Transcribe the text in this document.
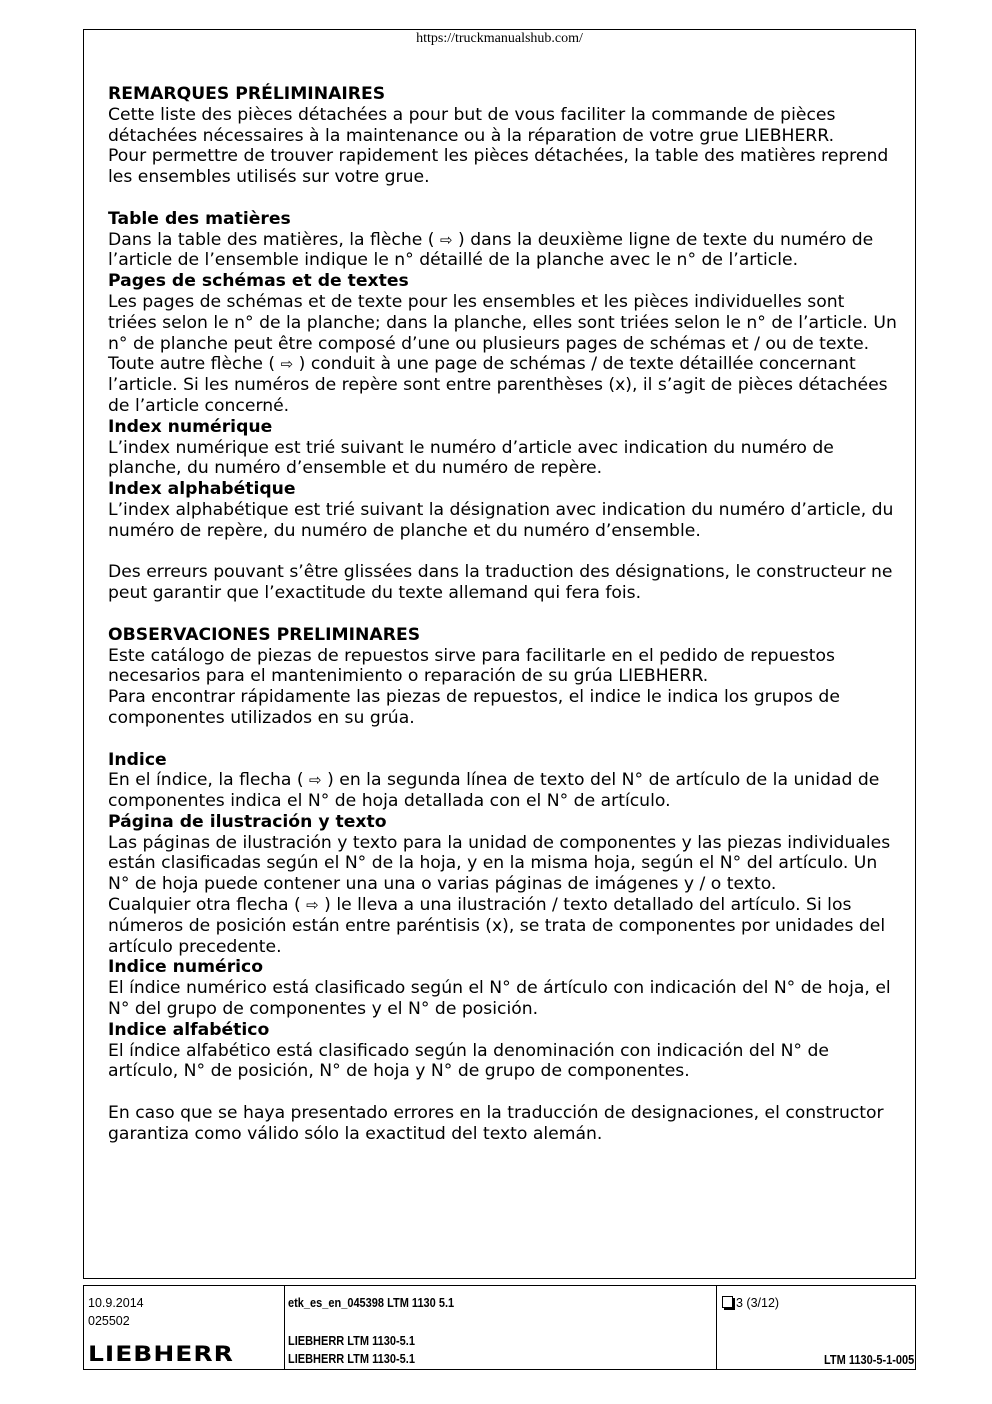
https://truckmanualshub.com/
REMARQUES PRÉLIMINAIRES

Cette liste des pièces détachées a pour but de vous faciliter la commande de pièces détachées nécessaires à la maintenance ou à la réparation de votre grue LIEBHERR.

Pour permettre de trouver rapidement les pièces détachées, la table des matières reprend les ensembles utilisés sur votre grue.

Table des matières

Dans la table des matières, la flèche ( ⇨ ) dans la deuxième ligne de texte du numéro de l’article de l’ensemble indique le n° détaillé de la planche avec le n° de l’article.

Pages de schémas et de textes

Les pages de schémas et de texte pour les ensembles et les pièces individuelles sont triées selon le n° de la planche; dans la planche, elles sont triées selon le n° de l’article. Un n° de planche peut être composé d’une ou plusieurs pages de schémas et / ou de texte.

Toute autre flèche ( ⇨ ) conduit à une page de schémas / de texte détaillée concernant l’article. Si les numéros de repère sont entre parenthèses (x), il s’agit de pièces détachées de l’article concerné.

Index numérique

L’index numérique est trié suivant le numéro d’article avec indication du numéro de planche, du numéro d’ensemble et du numéro de repère.

Index alphabétique

L’index alphabétique est trié suivant la désignation avec indication du numéro d’article, du numéro de repère, du numéro de planche et du numéro d’ensemble.

Des erreurs pouvant s’être glissées dans la traduction des désignations, le constructeur ne peut garantir que l’exactitude du texte allemand qui fera fois.

OBSERVACIONES PRELIMINARES

Este catálogo de piezas de repuestos sirve para facilitarle en el pedido de repuestos necesarios para el mantenimiento o reparación de su grúa LIEBHERR.

Para encontrar rápidamente las piezas de repuestos, el indice le indica los grupos de componentes utilizados en su grúa.

Indice

En el índice, la flecha ( ⇨ ) en la segunda línea de texto del N° de artículo de la unidad de componentes indica el N° de hoja detallada con el N° de artículo.

Página de ilustración y texto

Las páginas de ilustración y texto para la unidad de componentes y las piezas individuales están clasificadas según el N° de la hoja, y en la misma hoja, según el N° del artículo. Un N° de hoja puede contener una una o varias páginas de imágenes y / o texto.

Cualquier otra flecha ( ⇨ ) le lleva a una ilustración / texto detallado del artículo. Si los números de posición están entre paréntisis (x), se trata de componentes por unidades del artículo precedente.

Indice numérico

El índice numérico está clasificado según el N° de ártículo con indicación del N° de hoja, el N° del grupo de componentes y el N° de posición.

Indice alfabético

El índice alfabético está clasificado según la denominación con indicación del N° de artículo, N° de posición, N° de hoja y N° de grupo de componentes.

En caso que se haya presentado errores en la traducción de designaciones, el constructor garantiza como válido sólo la exactitud del texto alemán.

10.9.2014
025502
LIEBHERR
etk_es_en_045398 LTM 1130 5.1
LIEBHERR LTM 1130-5.1
LIEBHERR LTM 1130-5.1
3 (3/12)
LTM 1130-5-1-005
